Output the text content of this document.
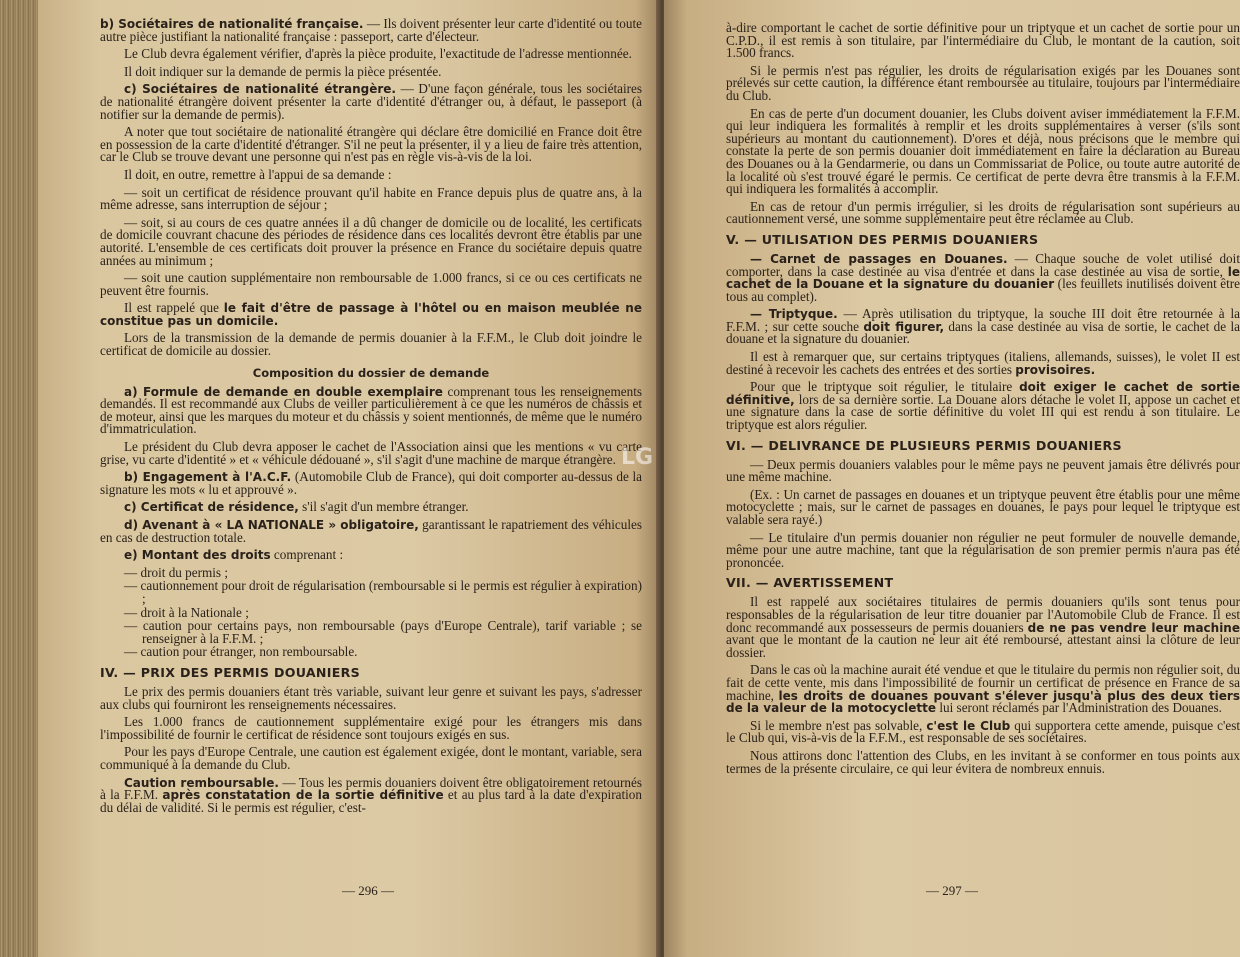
b) Sociétaires de nationalité française. — Ils doivent présenter leur carte d'identité ou toute autre pièce justifiant la nationalité française : passeport, carte d'électeur.

Le Club devra également vérifier, d'après la pièce produite, l'exactitude de l'adresse mentionnée.

Il doit indiquer sur la demande de permis la pièce présentée.

c) Sociétaires de nationalité étrangère. — D'une façon générale, tous les sociétaires de nationalité étrangère doivent présenter la carte d'identité d'étranger ou, à défaut, le passeport (à notifier sur la demande de permis).

A noter que tout sociétaire de nationalité étrangère qui déclare être domicilié en France doit être en possession de la carte d'identité d'étranger. S'il ne peut la présenter, il y a lieu de faire très attention, car le Club se trouve devant une personne qui n'est pas en règle vis-à-vis de la loi.

Il doit, en outre, remettre à l'appui de sa demande :

— soit un certificat de résidence prouvant qu'il habite en France depuis plus de quatre ans, à la même adresse, sans interruption de séjour ;

— soit, si au cours de ces quatre années il a dû changer de domicile ou de localité, les certificats de domicile couvrant chacune des périodes de résidence dans ces localités devront être établis par une autorité. L'ensemble de ces certificats doit prouver la présence en France du sociétaire depuis quatre années au minimum ;

— soit une caution supplémentaire non remboursable de 1.000 francs, si ce ou ces certificats ne peuvent être fournis.

Il est rappelé que le fait d'être de passage à l'hôtel ou en maison meublée ne constitue pas un domicile.

Lors de la transmission de la demande de permis douanier à la F.F.M., le Club doit joindre le certificat de domicile au dossier.

Composition du dossier de demande

a) Formule de demande en double exemplaire comprenant tous les renseignements demandés. Il est recommandé aux Clubs de veiller particulièrement à ce que les numéros de châssis et de moteur, ainsi que les marques du moteur et du châssis y soient mentionnés, de même que le numéro d'immatriculation.

Le président du Club devra apposer le cachet de l'Association ainsi que les mentions « vu carte grise, vu carte d'identité » et « véhicule dédouané », s'il s'agit d'une machine de marque étrangère.

b) Engagement à l'A.C.F. (Automobile Club de France), qui doit comporter au-dessus de la signature les mots « lu et approuvé ».

c) Certificat de résidence, s'il s'agit d'un membre étranger.

d) Avenant à « LA NATIONALE » obligatoire, garantissant le rapatriement des véhicules en cas de destruction totale.

e) Montant des droits comprenant :

— droit du permis ;

— cautionnement pour droit de régularisation (remboursable si le permis est régulier à expiration) ;

— droit à la Nationale ;

— caution pour certains pays, non remboursable (pays d'Europe Centrale), tarif variable ; se renseigner à la F.F.M. ;

— caution pour étranger, non remboursable.

IV. — PRIX DES PERMIS DOUANIERS

Le prix des permis douaniers étant très variable, suivant leur genre et suivant les pays, s'adresser aux clubs qui fourniront les renseignements nécessaires.

Les 1.000 francs de cautionnement supplémentaire exigé pour les étrangers mis dans l'impossibilité de fournir le certificat de résidence sont toujours exigés en sus.

Pour les pays d'Europe Centrale, une caution est également exigée, dont le montant, variable, sera communiqué à la demande du Club.

Caution remboursable. — Tous les permis douaniers doivent être obligatoirement retournés à la F.F.M. après constatation de la sortie définitive et au plus tard à la date d'expiration du délai de validité. Si le permis est régulier, c'est-

— 296 —
LG

à-dire comportant le cachet de sortie définitive pour un triptyque et un cachet de sortie pour un C.P.D., il est remis à son titulaire, par l'intermédiaire du Club, le montant de la caution, soit 1.500 francs.

Si le permis n'est pas régulier, les droits de régularisation exigés par les Douanes sont prélevés sur cette caution, la différence étant remboursée au titulaire, toujours par l'intermédiaire du Club.

En cas de perte d'un document douanier, les Clubs doivent aviser immédiatement la F.F.M. qui leur indiquera les formalités à remplir et les droits supplémentaires à verser (s'ils sont supérieurs au montant du cautionnement). D'ores et déjà, nous précisons que le membre qui constate la perte de son permis douanier doit immédiatement en faire la déclaration au Bureau des Douanes ou à la Gendarmerie, ou dans un Commissariat de Police, ou toute autre autorité de la localité où s'est trouvé égaré le permis. Ce certificat de perte devra être transmis à la F.F.M. qui indiquera les formalités à accomplir.

En cas de retour d'un permis irrégulier, si les droits de régularisation sont supérieurs au cautionnement versé, une somme supplémentaire peut être réclamée au Club.

V. — UTILISATION DES PERMIS DOUANIERS

— Carnet de passages en Douanes. — Chaque souche de volet utilisé doit comporter, dans la case destinée au visa d'entrée et dans la case destinée au visa de sortie, le cachet de la Douane et la signature du douanier (les feuillets inutilisés doivent être tous au complet).

— Triptyque. — Après utilisation du triptyque, la souche III doit être retournée à la F.F.M. ; sur cette souche doit figurer, dans la case destinée au visa de sortie, le cachet de la douane et la signature du douanier.

Il est à remarquer que, sur certains triptyques (italiens, allemands, suisses), le volet II est destiné à recevoir les cachets des entrées et des sorties provisoires.

Pour que le triptyque soit régulier, le titulaire doit exiger le cachet de sortie définitive, lors de sa dernière sortie. La Douane alors détache le volet II, appose un cachet et une signature dans la case de sortie définitive du volet III qui est rendu à son titulaire. Le triptyque est alors régulier.

VI. — DELIVRANCE DE PLUSIEURS PERMIS DOUANIERS

— Deux permis douaniers valables pour le même pays ne peuvent jamais être délivrés pour une même machine.

(Ex. : Un carnet de passages en douanes et un triptyque peuvent être établis pour une même motocyclette ; mais, sur le carnet de passages en douanes, le pays pour lequel le triptyque est valable sera rayé.)

— Le titulaire d'un permis douanier non régulier ne peut formuler de nouvelle demande, même pour une autre machine, tant que la régularisation de son premier permis n'aura pas été prononcée.

VII. — AVERTISSEMENT

Il est rappelé aux sociétaires titulaires de permis douaniers qu'ils sont tenus pour responsables de la régularisation de leur titre douanier par l'Automobile Club de France. Il est donc recommandé aux possesseurs de permis douaniers de ne pas vendre leur machine avant que le montant de la caution ne leur ait été remboursé, attestant ainsi la clôture de leur dossier.

Dans le cas où la machine aurait été vendue et que le titulaire du permis non régulier soit, du fait de cette vente, mis dans l'impossibilité de fournir un certificat de présence en France de sa machine, les droits de douanes pouvant s'élever jusqu'à plus des deux tiers de la valeur de la motocyclette lui seront réclamés par l'Administration des Douanes.

Si le membre n'est pas solvable, c'est le Club qui supportera cette amende, puisque c'est le Club qui, vis-à-vis de la F.F.M., est responsable de ses sociétaires.

Nous attirons donc l'attention des Clubs, en les invitant à se conformer en tous points aux termes de la présente circulaire, ce qui leur évitera de nombreux ennuis.

— 297 —
